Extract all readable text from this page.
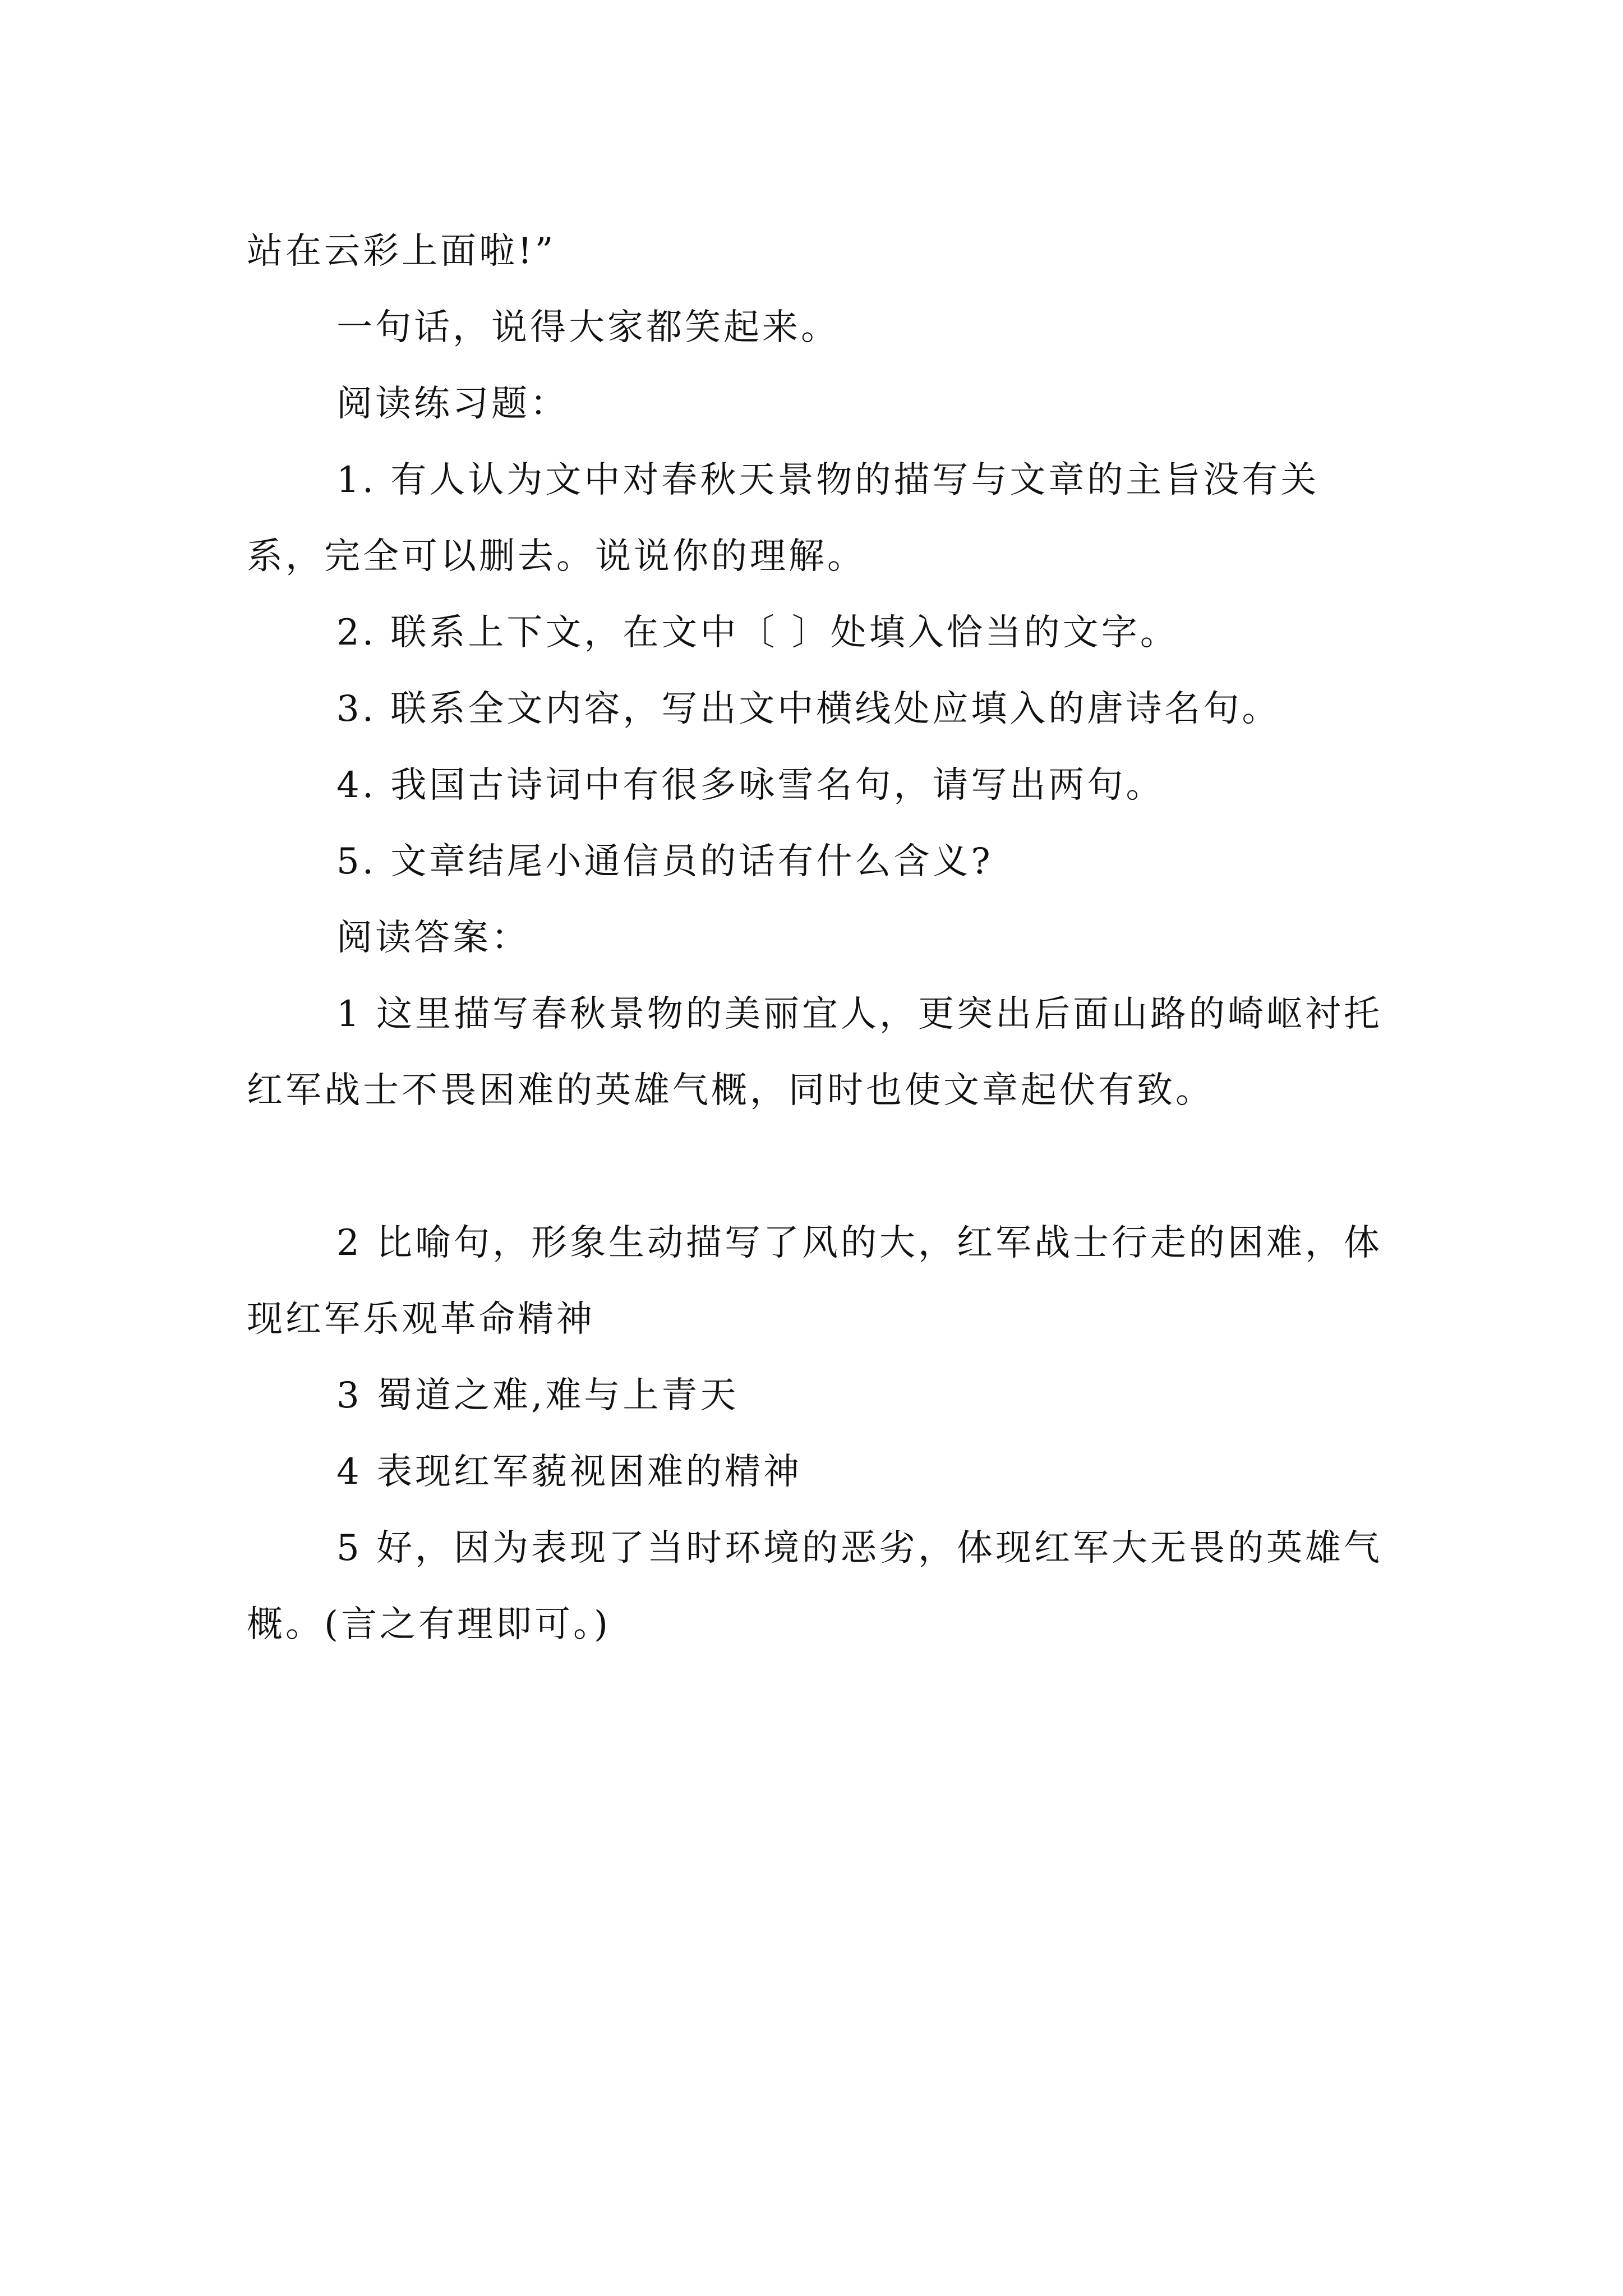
站在云彩上面啦!”

一句话，说得大家都笑起来。

阅读练习题：

1. 有人认为文中对春秋天景物的描写与文章的主旨没有关系，完全可以删去。说说你的理解。

2. 联系上下文，在文中〔 〕处填入恰当的文字。

3. 联系全文内容，写出文中横线处应填入的唐诗名句。

4. 我国古诗词中有很多咏雪名句，请写出两句。

5. 文章结尾小通信员的话有什么含义?

阅读答案：

1 这里描写春秋景物的美丽宜人，更突出后面山路的崎岖衬托红军战士不畏困难的英雄气概，同时也使文章起伏有致。

2 比喻句，形象生动描写了风的大，红军战士行走的困难，体现红军乐观革命精神

3 蜀道之难,难与上青天

4 表现红军藐视困难的精神

5 好，因为表现了当时环境的恶劣，体现红军大无畏的英雄气概。(言之有理即可。)
